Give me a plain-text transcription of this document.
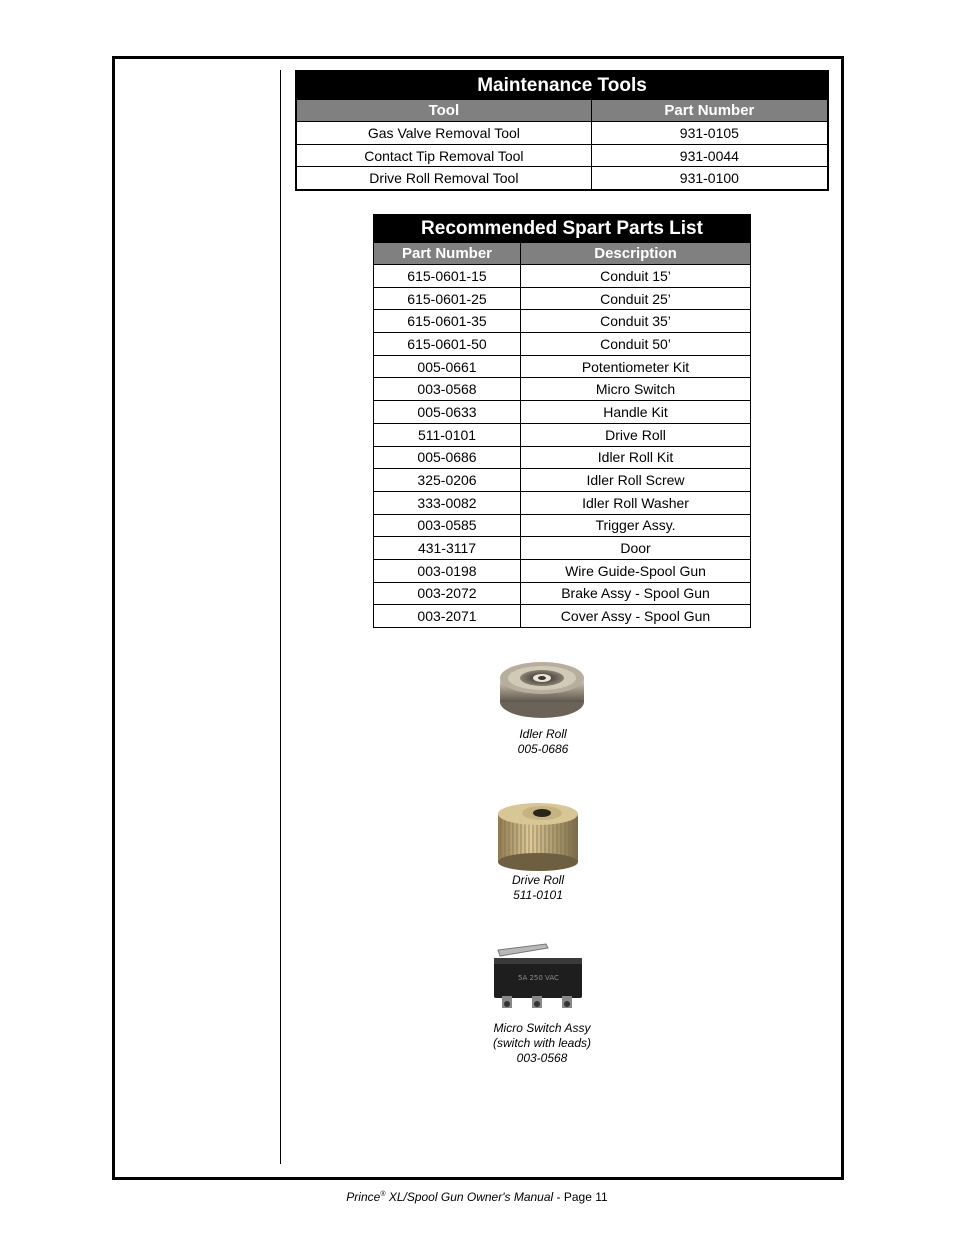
Maintenance Tools	
Tool	Part Number
Gas Valve Removal Tool	931-0105
Contact Tip Removal Tool	931-0044
Drive Roll Removal Tool	931-0100
Recommended Spart Parts List	
Part Number	Description
615-0601-15	Conduit 15’
615-0601-25	Conduit 25’
615-0601-35	Conduit 35’
615-0601-50	Conduit 50’
005-0661	Potentiometer Kit
003-0568	Micro Switch
005-0633	Handle Kit
511-0101	Drive Roll
005-0686	Idler Roll Kit
325-0206	Idler Roll Screw
333-0082	Idler Roll Washer
003-0585	Trigger Assy.
431-3117	Door
003-0198	Wire Guide-Spool Gun
003-2072	Brake Assy - Spool Gun
003-2071	Cover Assy - Spool Gun
Idler Roll
005-0686
Drive Roll
511-0101
5A 250 VAC
Micro Switch Assy
(switch with leads)
003-0568
Prince® XL/Spool Gun Owner's Manual - Page 11
